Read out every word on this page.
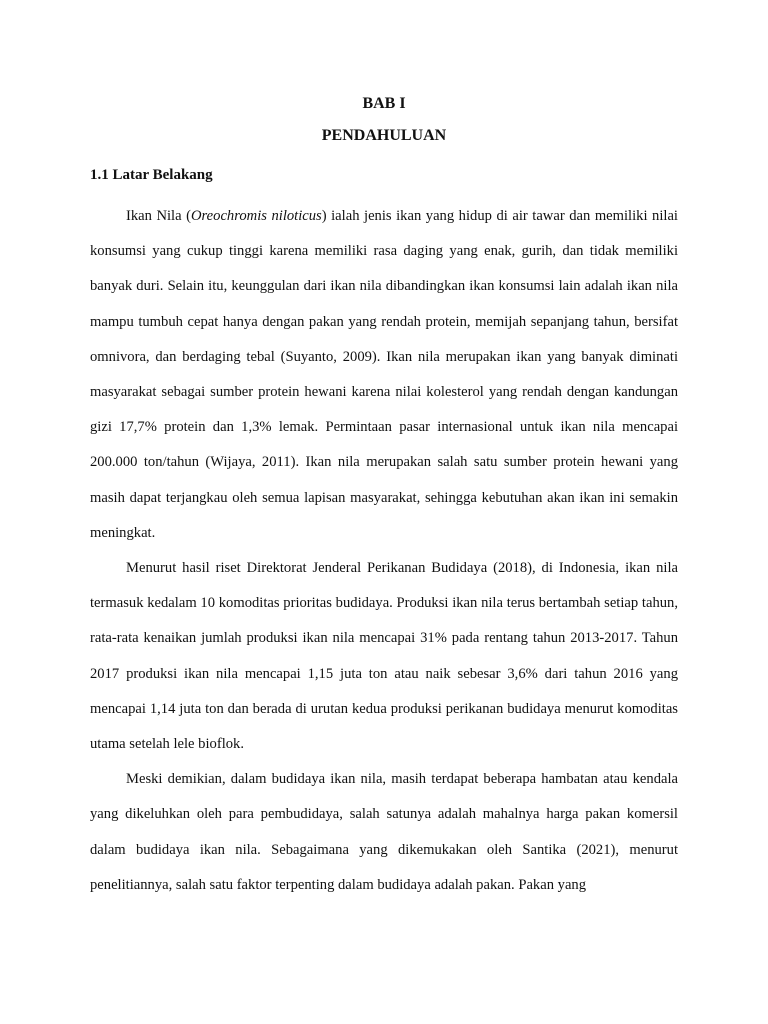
BAB I
PENDAHULUAN
1.1 Latar Belakang

Ikan Nila (Oreochromis niloticus) ialah jenis ikan yang hidup di air tawar dan memiliki nilai konsumsi yang cukup tinggi karena memiliki rasa daging yang enak, gurih, dan tidak memiliki banyak duri. Selain itu, keunggulan dari ikan nila dibandingkan ikan konsumsi lain adalah ikan nila mampu tumbuh cepat hanya dengan pakan yang rendah protein, memijah sepanjang tahun, bersifat omnivora, dan berdaging tebal (Suyanto, 2009). Ikan nila merupakan ikan yang banyak diminati masyarakat sebagai sumber protein hewani karena nilai kolesterol yang rendah dengan kandungan gizi 17,7% protein dan 1,3% lemak. Permintaan pasar internasional untuk ikan nila mencapai 200.000 ton/tahun (Wijaya, 2011). Ikan nila merupakan salah satu sumber protein hewani yang masih dapat terjangkau oleh semua lapisan masyarakat, sehingga kebutuhan akan ikan ini semakin meningkat.

Menurut hasil riset Direktorat Jenderal Perikanan Budidaya (2018), di Indonesia, ikan nila termasuk kedalam 10 komoditas prioritas budidaya. Produksi ikan nila terus bertambah setiap tahun, rata-rata kenaikan jumlah produksi ikan nila mencapai 31% pada rentang tahun 2013-2017. Tahun 2017 produksi ikan nila mencapai 1,15 juta ton atau naik sebesar 3,6% dari tahun 2016 yang mencapai 1,14 juta ton dan berada di urutan kedua produksi perikanan budidaya menurut komoditas utama setelah lele bioflok.

Meski demikian, dalam budidaya ikan nila, masih terdapat beberapa hambatan atau kendala yang dikeluhkan oleh para pembudidaya, salah satunya adalah mahalnya harga pakan komersil dalam budidaya ikan nila. Sebagaimana yang dikemukakan oleh Santika (2021), menurut penelitiannya, salah satu faktor terpenting dalam budidaya adalah pakan. Pakan yang
